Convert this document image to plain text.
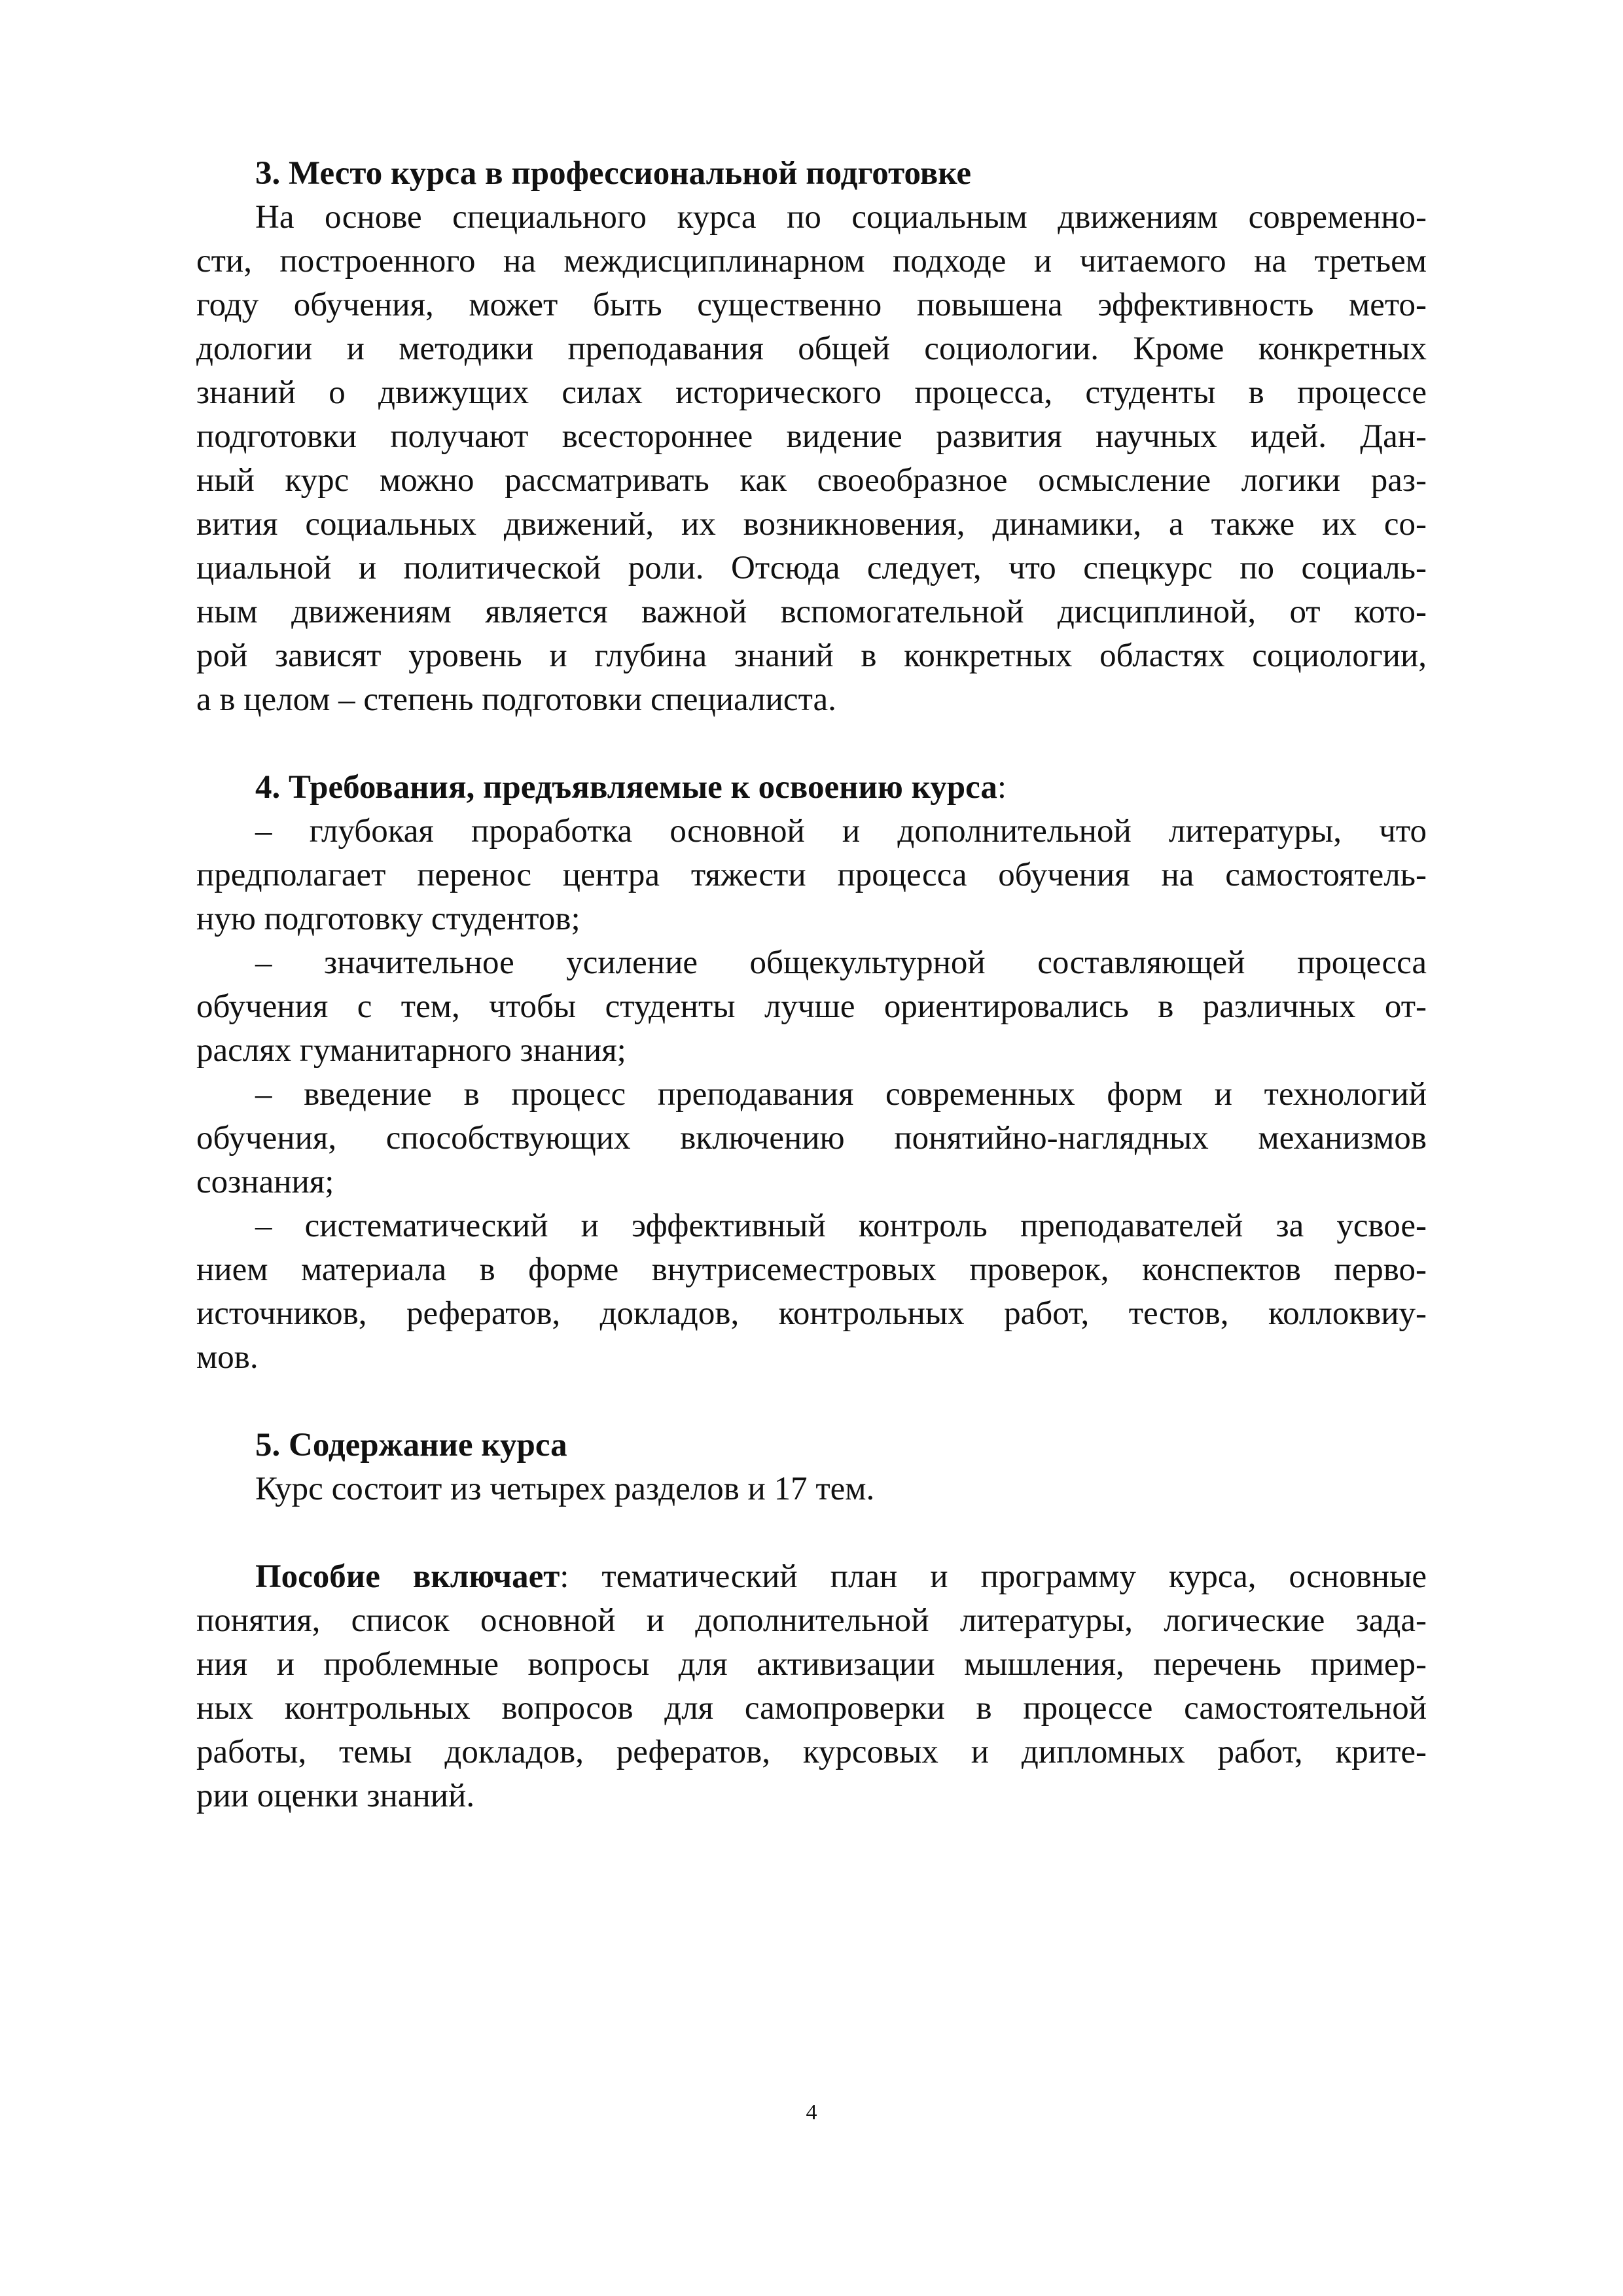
3. Место курса в профессиональной подготовке

На основе специального курса по социальным движениям современно-

сти, построенного на междисциплинарном подходе и читаемого на третьем

году обучения, может быть существенно повышена эффективность мето-

дологии и методики преподавания общей социологии. Кроме конкретных

знаний о движущих силах исторического процесса, студенты в процессе

подготовки получают всестороннее видение развития научных идей. Дан-

ный курс можно рассматривать как своеобразное осмысление логики раз-

вития социальных движений, их возникновения, динамики, а также их со-

циальной и политической роли. Отсюда следует, что спецкурс по социаль-

ным движениям является важной вспомогательной дисциплиной, от кото-

рой зависят уровень и глубина знаний в конкретных областях социологии,

а в целом – степень подготовки специалиста.

4. Требования, предъявляемые к освоению курса:

– глубокая проработка основной и дополнительной литературы, что

предполагает перенос центра тяжести процесса обучения на самостоятель-

ную подготовку студентов;

– значительное усиление общекультурной составляющей процесса

обучения с тем, чтобы студенты лучше ориентировались в различных от-

раслях гуманитарного знания;

– введение в процесс преподавания современных форм и технологий

обучения, способствующих включению понятийно-наглядных механизмов

сознания;

– систематический и эффективный контроль преподавателей за усвое-

нием материала в форме внутрисеместровых проверок, конспектов перво-

источников, рефератов, докладов, контрольных работ, тестов, коллоквиу-

мов.

5. Содержание курса

Курс состоит из четырех разделов и 17 тем.

Пособие включает: тематический план и программу курса, основные

понятия, список основной и дополнительной литературы, логические зада-

ния и проблемные вопросы для активизации мышления, перечень пример-

ных контрольных вопросов для самопроверки в процессе самостоятельной

работы, темы докладов, рефератов, курсовых и дипломных работ, крите-

рии оценки знаний.

4
